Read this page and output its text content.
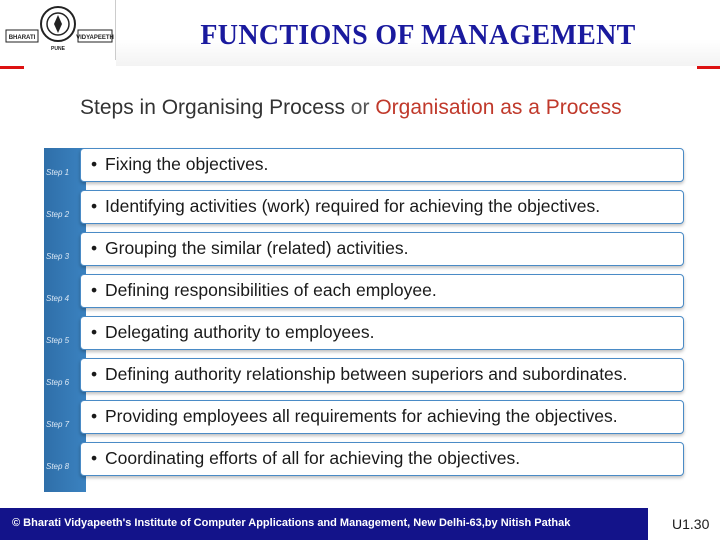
BHARATI	VIDYAPEETH
PUNE	FUNCTIONS OF MANAGEMENT
Steps in Organising Process or Organisation as a Process
Step 1	• Fixing the objectives.
Step 2	• Identifying activities (work) required for achieving the objectives.
Step 3	• Grouping the similar (related) activities.
Step 4	• Defining responsibilities of each employee.
Step 5	• Delegating authority to employees.
Step 6	• Defining authority relationship between superiors and subordinates.
Step 7	• Providing employees all requirements for achieving the objectives.
Step 8	• Coordinating efforts of all for achieving the objectives.
© Bharati Vidyapeeth's Institute of Computer Applications and Management, New Delhi-63,by Nitish Pathak	U1.30
